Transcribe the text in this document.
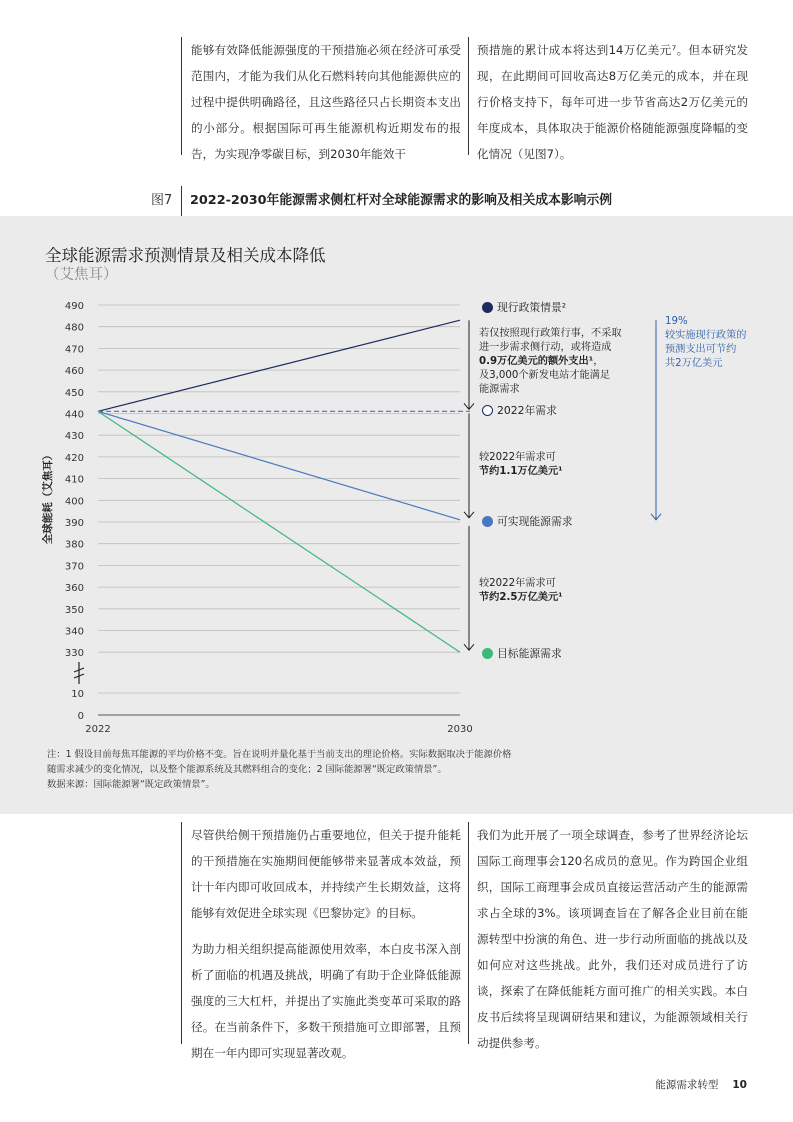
能够有效降低能源强度的干预措施必须在经济可承受范围内，才能为我们从化石燃料转向其他能源供应的过程中提供明确路径，且这些路径只占长期资本支出的小部分。根据国际可再生能源机构近期发布的报告，为实现净零碳目标，到2030年能效干

预措施的累计成本将达到14万亿美元⁷。但本研究发现，在此期间可回收高达8万亿美元的成本，并在现行价格支持下，每年可进一步节省高达2万亿美元的年度成本，具体取决于能源价格随能源强度降幅的变化情况（见图7）。

图7 2022-2030年能源需求侧杠杆对全球能源需求的影响及相关成本影响示例
全球能源需求预测情景及相关成本降低
（艾焦耳）
490
480
470
460
450
440
430
420
410
400
390
380
370
360
350
340
330
10
0
2022	2030
全球能耗（艾焦耳）
现行政策情景²
2022年需求
可实现能源需求
目标能源需求
若仅按照现行政策行事，不采取
进一步需求侧行动，或将造成
0.9万亿美元的额外支出¹，
及3,000个新发电站才能满足
能源需求
较2022年需求可
节约1.1万亿美元¹
较2022年需求可
节约2.5万亿美元¹
19%
较实施现行政策的
预测支出可节约
共2万亿美元
注：1 假设目前每焦耳能源的平均价格不变。旨在说明并量化基于当前支出的理论价格。实际数据取决于能源价格
随需求减少的变化情况，以及整个能源系统及其燃料组合的变化；2 国际能源署“既定政策情景”。
数据来源：国际能源署“既定政策情景”。

尽管供给侧干预措施仍占重要地位，但关于提升能耗的干预措施在实施期间便能够带来显著成本效益，预计十年内即可收回成本，并持续产生长期效益，这将能够有效促进全球实现《巴黎协定》的目标。

为助力相关组织提高能源使用效率，本白皮书深入剖析了面临的机遇及挑战，明确了有助于企业降低能源强度的三大杠杆，并提出了实施此类变革可采取的路径。在当前条件下，多数干预措施可立即部署，且预期在一年内即可实现显著改观。

我们为此开展了一项全球调查，参考了世界经济论坛国际工商理事会120名成员的意见。作为跨国企业组织，国际工商理事会成员直接运营活动产生的能源需求占全球的3%。该项调查旨在了解各企业目前在能源转型中扮演的角色、进一步行动所面临的挑战以及如何应对这些挑战。此外，我们还对成员进行了访谈，探索了在降低能耗方面可推广的相关实践。本白皮书后续将呈现调研结果和建议，为能源领域相关行动提供参考。

能源需求转型 10
